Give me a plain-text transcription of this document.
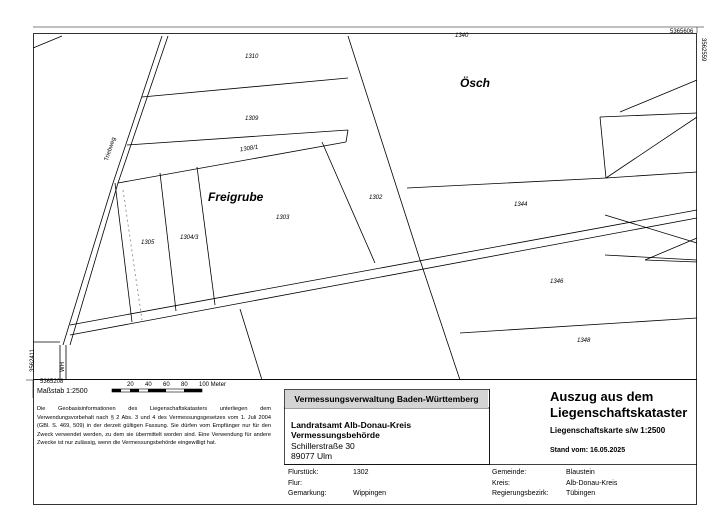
5365606
3562559
5365208
3562411
Triebweg
WH
Ösch
Freigrube
1310
1340
1309
1308/1
1302
1303
1304/3
1305
1344
1346
1348
Maßstab 1:2500
20 40 60 80 100 Meter
Die Geobasisinformationen des Liegenschaftskatasters unterliegen dem Verwendungsvorbehalt nach § 2 Abs. 3 und 4 des Vermessungsgesetzes vom 1. Juli 2004 (GBl. S. 469, 509) in der derzeit gültigen Fassung. Sie dürfen vom Empfänger nur für den Zweck verwendet werden, zu dem sie übermittelt worden sind. Eine Verwendung für andere Zwecke ist nur zulässig, wenn die Vermessungsbehörde eingewilligt hat.
Vermessungsverwaltung Baden-Württemberg
Landratsamt Alb-Donau-Kreis
Vermessungsbehörde
Schillerstraße 30
89077 Ulm
Auszug aus dem
Liegenschaftskataster
Liegenschaftskarte s/w 1:2500
Stand vom: 16.05.2025
Flurstück:	1302
Flur:
Gemarkung:	Wippingen
Gemeinde:	Blaustein
Kreis:	Alb-Donau-Kreis
Regierungsbezirk:	Tübingen
